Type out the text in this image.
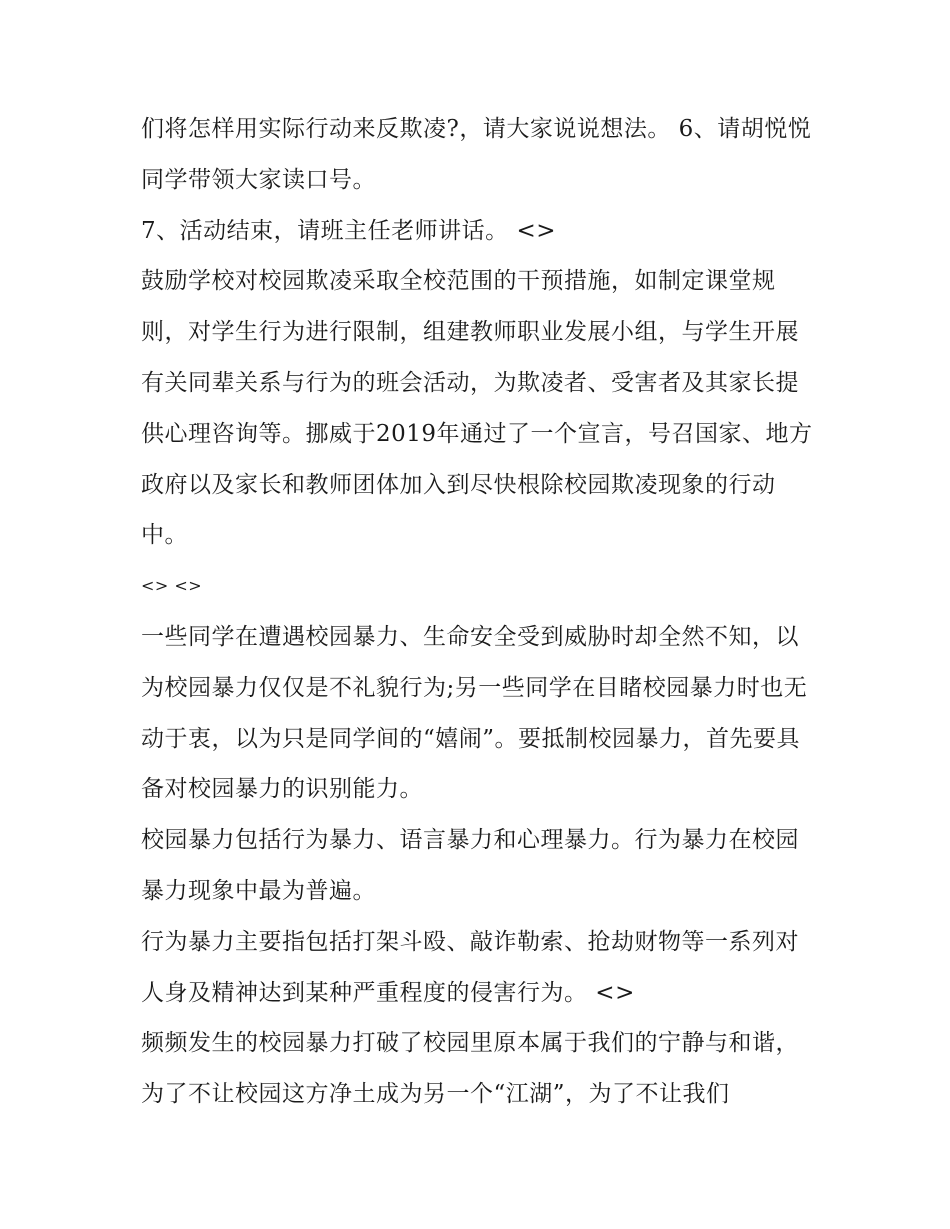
们将怎样用实际行动来反欺凌?，请大家说说想法。 6、请胡悦悦同学带领大家读口号。

7、活动结束，请班主任老师讲话。 <>

鼓励学校对校园欺凌采取全校范围的干预措施，如制定课堂规则，对学生行为进行限制，组建教师职业发展小组，与学生开展有关同辈关系与行为的班会活动，为欺凌者、受害者及其家长提供心理咨询等。挪威于2019年通过了一个宣言，号召国家、地方政府以及家长和教师团体加入到尽快根除校园欺凌现象的行动中。

<> <>

一些同学在遭遇校园暴力、生命安全受到威胁时却全然不知，以为校园暴力仅仅是不礼貌行为;另一些同学在目睹校园暴力时也无动于衷，以为只是同学间的“嬉闹”。要抵制校园暴力，首先要具备对校园暴力的识别能力。

校园暴力包括行为暴力、语言暴力和心理暴力。行为暴力在校园暴力现象中最为普遍。

行为暴力主要指包括打架斗殴、敲诈勒索、抢劫财物等一系列对人身及精神达到某种严重程度的侵害行为。 <>

频频发生的校园暴力打破了校园里原本属于我们的宁静与和谐，为了不让校园这方净土成为另一个“江湖”，为了不让我们
